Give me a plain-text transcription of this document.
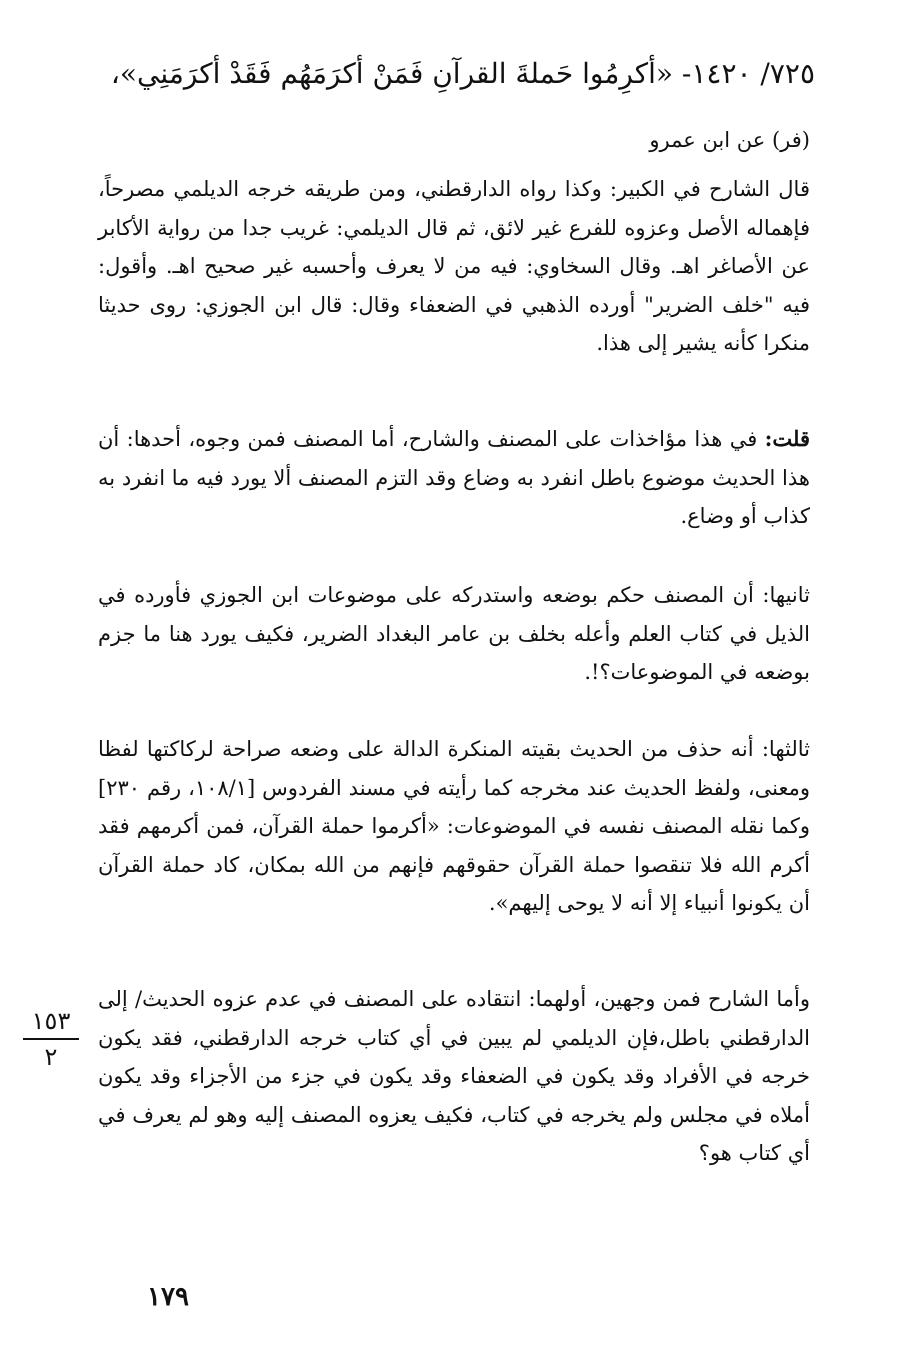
٧٢٥/ ١٤٢٠- «أكرِمُوا حَملةَ القرآنِ فَمَنْ أكرَمَهُم فَقَدْ أكرَمَنِي»،
(فر) عن ابن عمرو

قال الشارح في الكبير: وكذا رواه الدارقطني، ومن طريقه خرجه الديلمي مصرحاً، فإهماله الأصل وعزوه للفرع غير لائق، ثم قال الديلمي: غريب جدا من رواية الأكابر عن الأصاغر اهـ. وقال السخاوي: فيه من لا يعرف وأحسبه غير صحيح اهـ. وأقول: فيه "خلف الضرير" أورده الذهبي في الضعفاء وقال: قال ابن الجوزي: روى حديثا منكرا كأنه يشير إلى هذا.

قلت: في هذا مؤاخذات على المصنف والشارح، أما المصنف فمن وجوه، أحدها: أن هذا الحديث موضوع باطل انفرد به وضاع وقد التزم المصنف ألا يورد فيه ما انفرد به كذاب أو وضاع.

ثانيها: أن المصنف حكم بوضعه واستدركه على موضوعات ابن الجوزي فأورده في الذيل في كتاب العلم وأعله بخلف بن عامر البغداد الضرير، فكيف يورد هنا ما جزم بوضعه في الموضوعات؟!.

ثالثها: أنه حذف من الحديث بقيته المنكرة الدالة على وضعه صراحة لركاكتها لفظا ومعنى، ولفظ الحديث عند مخرجه كما رأيته في مسند الفردوس [١٠٨/١، رقم ٢٣٠] وكما نقله المصنف نفسه في الموضوعات: «أكرموا حملة القرآن، فمن أكرمهم فقد أكرم الله فلا تنقصوا حملة القرآن حقوقهم فإنهم من الله بمكان، كاد حملة القرآن أن يكونوا أنبياء إلا أنه لا يوحى إليهم».

وأما الشارح فمن وجهين، أولهما: انتقاده على المصنف في عدم عزوه الحديث/ إلى الدارقطني باطل،فإن الديلمي لم يبين في أي كتاب خرجه الدارقطني، فقد يكون خرجه في الأفراد وقد يكون في الضعفاء وقد يكون في جزء من الأجزاء وقد يكون أملاه في مجلس ولم يخرجه في كتاب، فكيف يعزوه المصنف إليه وهو لم يعرف في أي كتاب هو؟

١٥٣
٢
١٧٩
